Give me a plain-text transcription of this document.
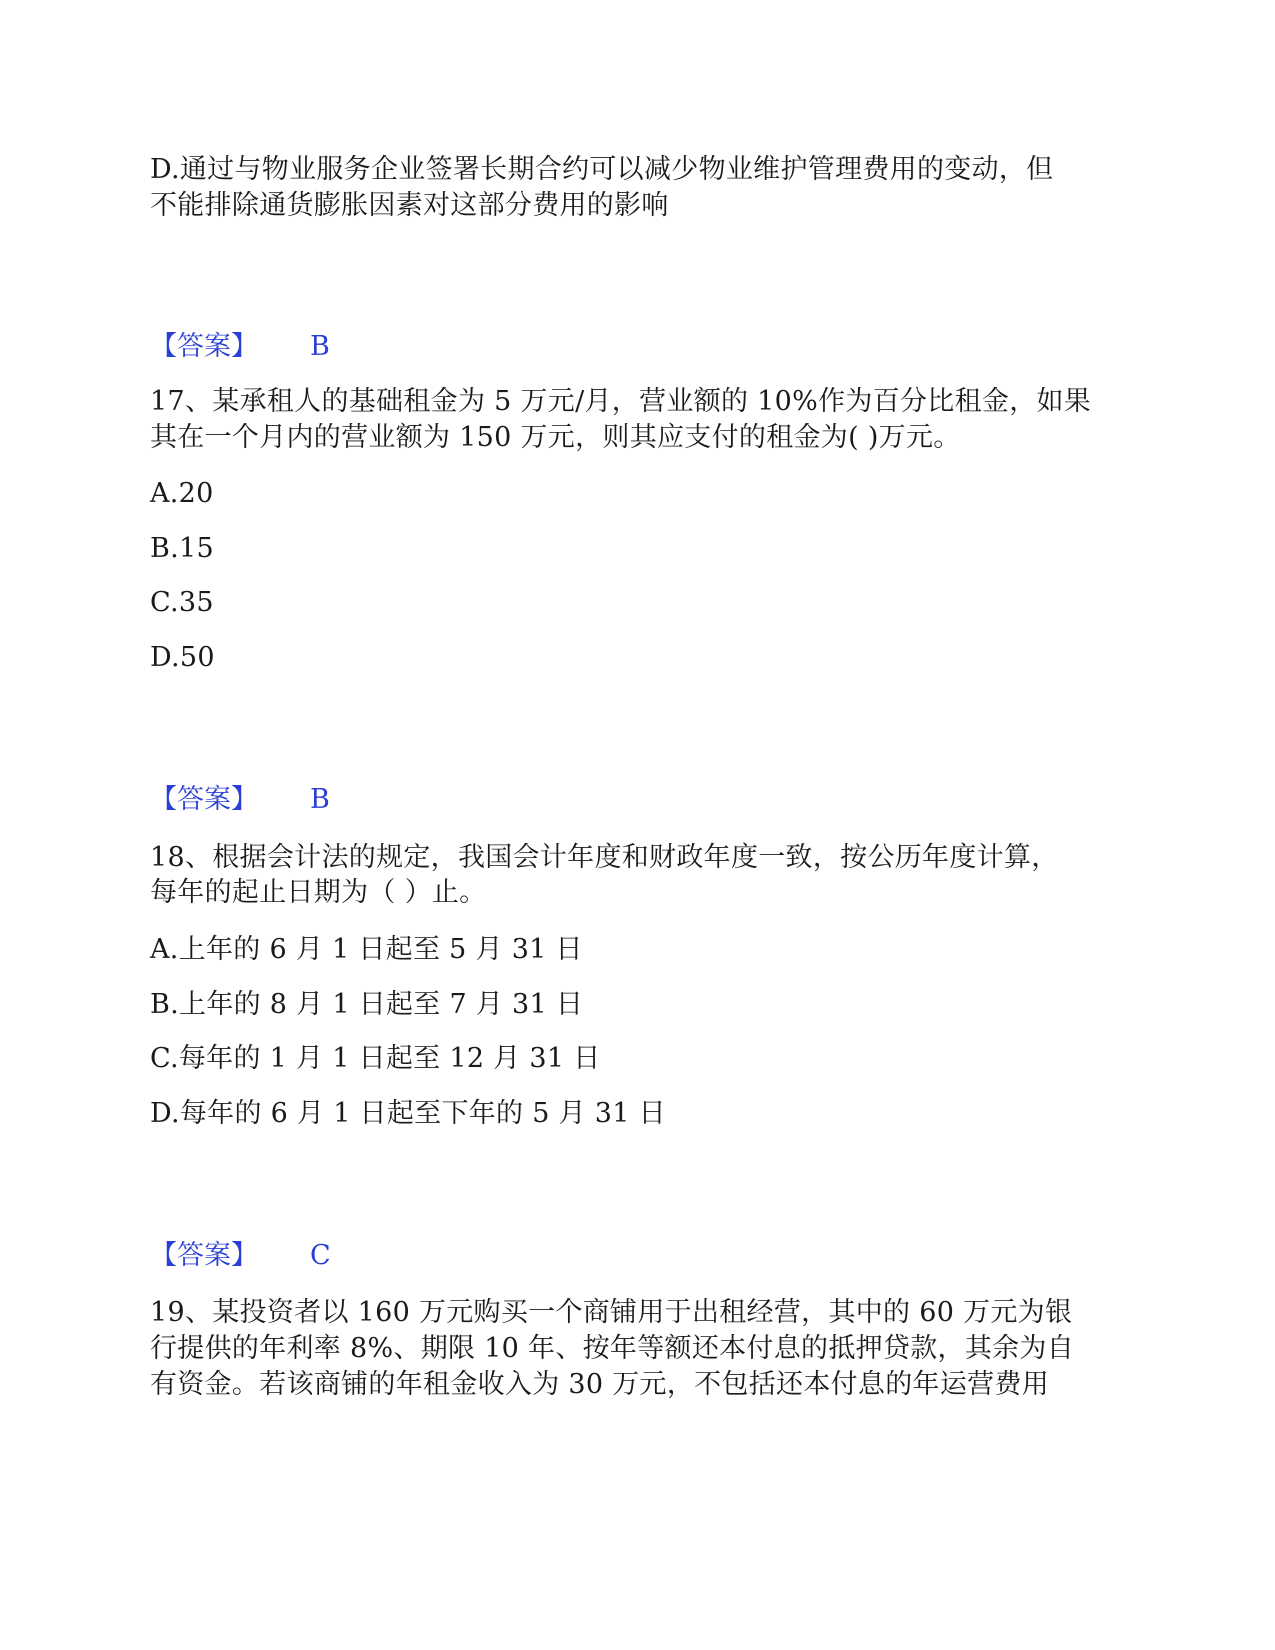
D.通过与物业服务企业签署长期合约可以减少物业维护管理费用的变动，但
不能排除通货膨胀因素对这部分费用的影响
【答案】 B
17、某承租人的基础租金为 5 万元/月，营业额的 10%作为百分比租金，如果
其在一个月内的营业额为 150 万元，则其应支付的租金为( )万元。
A.20
B.15
C.35
D.50
【答案】 B
18、根据会计法的规定，我国会计年度和财政年度一致，按公历年度计算，
每年的起止日期为（ ）止。
A.上年的 6 月 1 日起至 5 月 31 日
B.上年的 8 月 1 日起至 7 月 31 日
C.每年的 1 月 1 日起至 12 月 31 日
D.每年的 6 月 1 日起至下年的 5 月 31 日
【答案】 C
19、某投资者以 160 万元购买一个商铺用于出租经营，其中的 60 万元为银
行提供的年利率 8%、期限 10 年、按年等额还本付息的抵押贷款，其余为自
有资金。若该商铺的年租金收入为 30 万元，不包括还本付息的年运营费用
